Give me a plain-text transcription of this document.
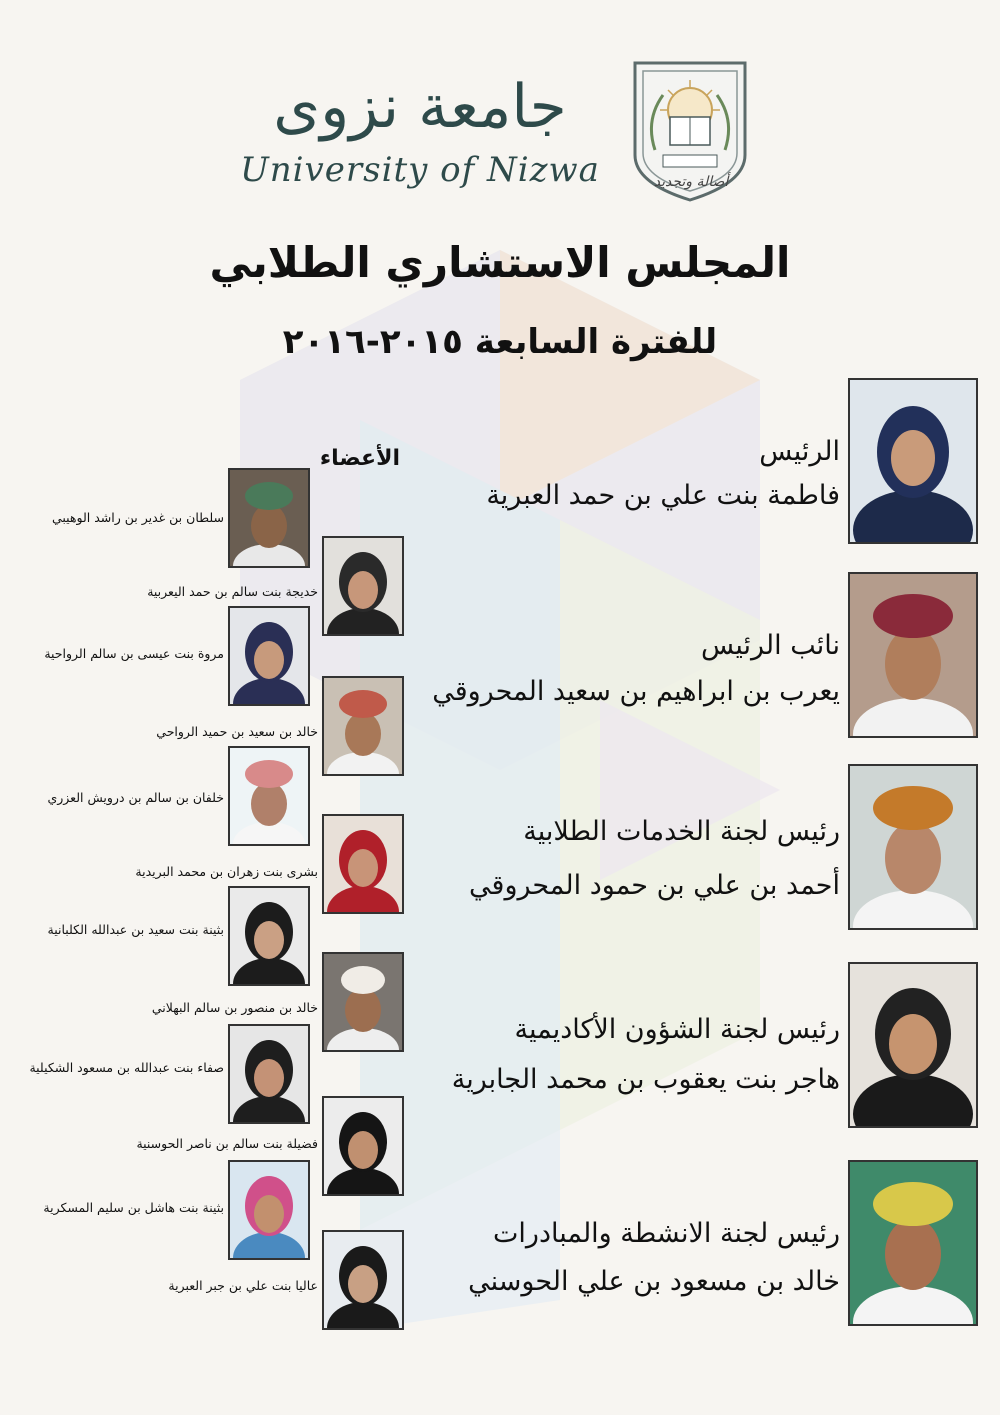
جامعة نزوى
University of Nizwa	أصالة وتجديد
المجلس الاستشاري الطلابي
للفترة السابعة ٢٠١٥-٢٠١٦
الرئيس
فاطمة بنت علي بن حمد العبرية
نائب الرئيس
يعرب بن ابراهيم بن سعيد المحروقي
رئيس لجنة الخدمات الطلابية
أحمد بن علي بن حمود المحروقي
رئيس لجنة الشؤون الأكاديمية
هاجر بنت يعقوب بن محمد الجابرية
رئيس لجنة الانشطة والمبادرات
خالد بن مسعود بن علي الحوسني
الأعضاء
سلطان بن غدير بن راشد الوهيبي
خديجة بنت سالم بن حمد اليعربية
مروة بنت عيسى بن سالم الرواحية
خالد بن سعيد بن حميد الرواحي
خلفان بن سالم بن درويش العزري
بشرى بنت زهران بن محمد البريدية
بثينة بنت سعيد بن عبدالله الكلبانية
خالد بن منصور بن سالم البهلاني
صفاء بنت عبدالله بن مسعود الشكيلية
فضيلة بنت سالم بن ناصر الحوسنية
بثينة بنت هاشل بن سليم المسكرية
عاليا بنت علي بن جبر العبرية
